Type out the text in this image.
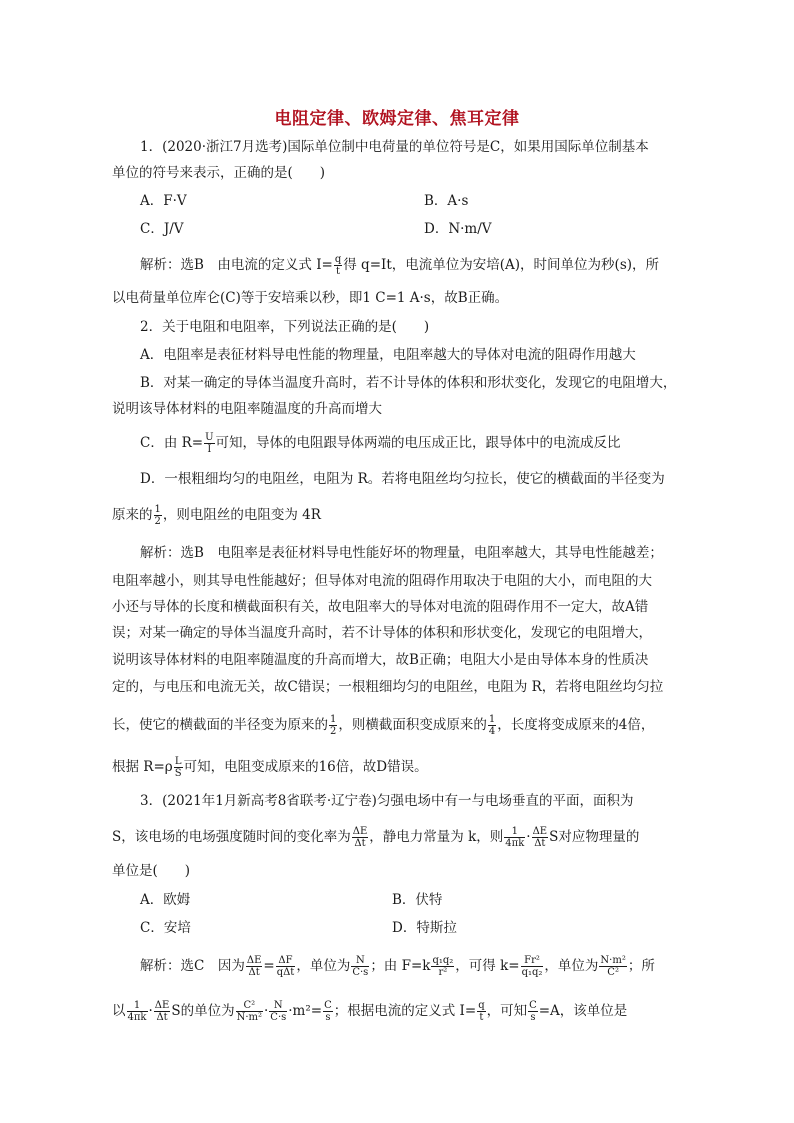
电阻定律、欧姆定律、焦耳定律
1．(2020·浙江7月选考)国际单位制中电荷量的单位符号是C，如果用国际单位制基本
单位的符号来表示，正确的是(　　)
A．F·V	B．A·s
C．J/V	D．N·m/V
解析：选B　由电流的定义式 $I= \frac{q}{t}$ 得 q=It，电流单位为安培(A)，时间单位为秒(s)，所
以电荷量单位库仑(C)等于安培乘以秒，即1 C=1 A·s，故B正确。
2．关于电阻和电阻率，下列说法正确的是(　　)
A．电阻率是表征材料导电性能的物理量，电阻率越大的导体对电流的阻碍作用越大
B．对某一确定的导体当温度升高时，若不计导体的体积和形状变化，发现它的电阻增大，
说明该导体材料的电阻率随温度的升高而增大
C．由 $R= \frac{U}{I}$ 可知，导体的电阻跟导体两端的电压成正比，跟导体中的电流成反比
D．一根粗细均匀的电阻丝，电阻为 R。若将电阻丝均匀拉长，使它的横截面的半径变为
原来的 $\frac{1}{2}$ ，则电阻丝的电阻变为 4R
解析：选B　电阻率是表征材料导电性能好坏的物理量，电阻率越大，其导电性能越差；
电阻率越小，则其导电性能越好；但导体对电流的阻碍作用取决于电阻的大小，而电阻的大
小还与导体的长度和横截面积有关，故电阻率大的导体对电流的阻碍作用不一定大，故A错
误；对某一确定的导体当温度升高时，若不计导体的体积和形状变化，发现它的电阻增大，
说明该导体材料的电阻率随温度的升高而增大，故B正确；电阻大小是由导体本身的性质决
定的，与电压和电流无关，故C错误；一根粗细均匀的电阻丝，电阻为 R，若将电阻丝均匀拉
长，使它的横截面的半径变为原来的 $\frac{1}{2}$ ，则横截面积变成原来的 $\frac{1}{4}$ ，长度将变成原来的4倍，
根据 $R=\rho \frac{L}{S}$ 可知，电阻变成原来的16倍，故D错误。
3．(2021年1月新高考8省联考·辽宁卷)匀强电场中有一与电场垂直的平面，面积为
S，该电场的电场强度随时间的变化率为 $\frac{\Delta E}{\Delta t}$ ，静电力常量为 k，则 $\frac{1}{4\pi k} \cdot \frac{\Delta E}{\Delta t}$ S对应物理量的
单位是(　　)
A．欧姆	B．伏特
C．安培	D．特斯拉
解析：选C　因为 $\frac{\Delta E}{\Delta t} = \frac{\Delta F}{\text{qΔt}}$ ，单位为 $\frac{N}{C\cdot s}$ ；由 $F=k \frac{\text{q₁q₂}}{\text{r²}}$ ，可得 $k= \frac{\text{Fr²}}{\text{q₁q₂}}$ ，单位为 $\frac{\text{N·m²}}{\text{C²}}$ ；所
以 $\frac{1}{4\pi k} \cdot \frac{\Delta E}{\Delta t}$ S的单位为 $\frac{\text{C²}}{\text{N·m²}} \cdot \frac{N}{C\cdot s} \cdot m^2= \frac{C}{s}$ ；根据电流的定义式 $I= \frac{q}{t}$ ，可知 $\frac{C}{s} =A$，该单位是
